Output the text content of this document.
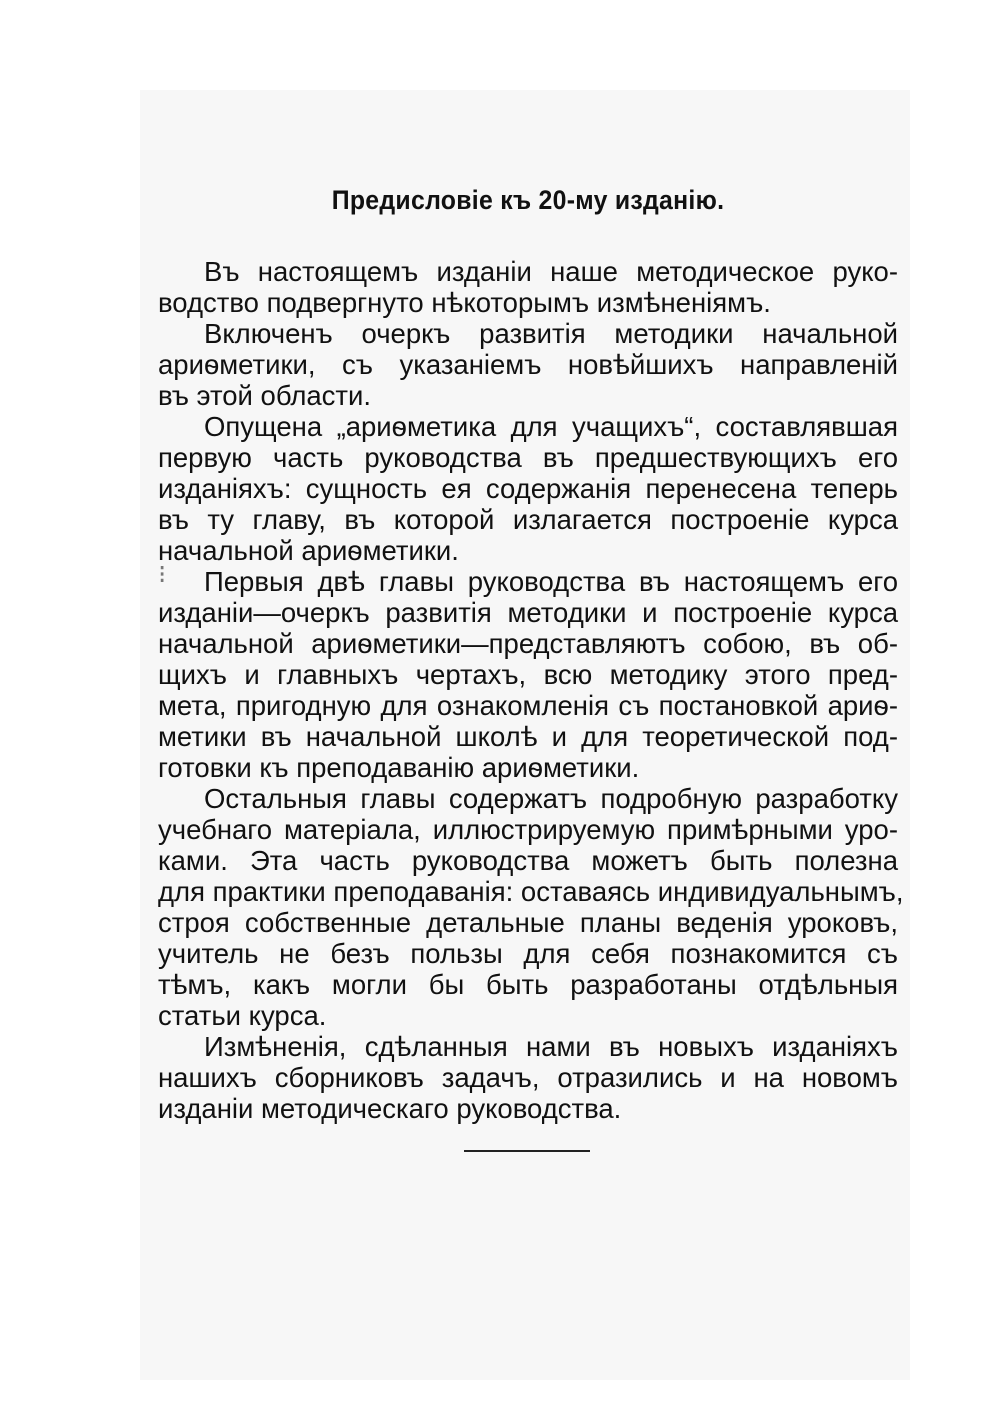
Предисловіе къ 20-му изданію.

Въ настоящемъ изданіи наше методическое руко-
водство подвергнуто нѣкоторымъ измѣненіямъ.

Включенъ очеркъ развитія методики начальной
ариѳметики, съ указаніемъ новѣйшихъ направленій
въ этой области.

Опущена „ариѳметика для учащихъ“, составлявшая
первую часть руководства въ предшествующихъ его
изданіяхъ: сущность ея содержанія перенесена теперь
въ ту главу, въ которой излагается построеніе курса
начальной ариѳметики.

Первыя двѣ главы руководства въ настоящемъ его
изданіи—очеркъ развитія методики и построеніе курса
начальной ариѳметики—представляютъ собою, въ об-
щихъ и главныхъ чертахъ, всю методику этого пред-
мета, пригодную для ознакомленія съ постановкой ариѳ-
метики въ начальной школѣ и для теоретической под-
готовки къ преподаванію ариѳметики.

Остальныя главы содержатъ подробную разработку
учебнаго матеріала, иллюстрируемую примѣрными уро-
ками. Эта часть руководства можетъ быть полезна
для практики преподаванія: оставаясь индивидуальнымъ,
строя собственные детальные планы веденія уроковъ,
учитель не безъ пользы для себя познакомится съ
тѣмъ, какъ могли бы быть разработаны отдѣльныя
статьи курса.

Измѣненія, сдѣланныя нами въ новыхъ изданіяхъ
нашихъ сборниковъ задачъ, отразились и на новомъ
изданіи методическаго руководства.

⁝
